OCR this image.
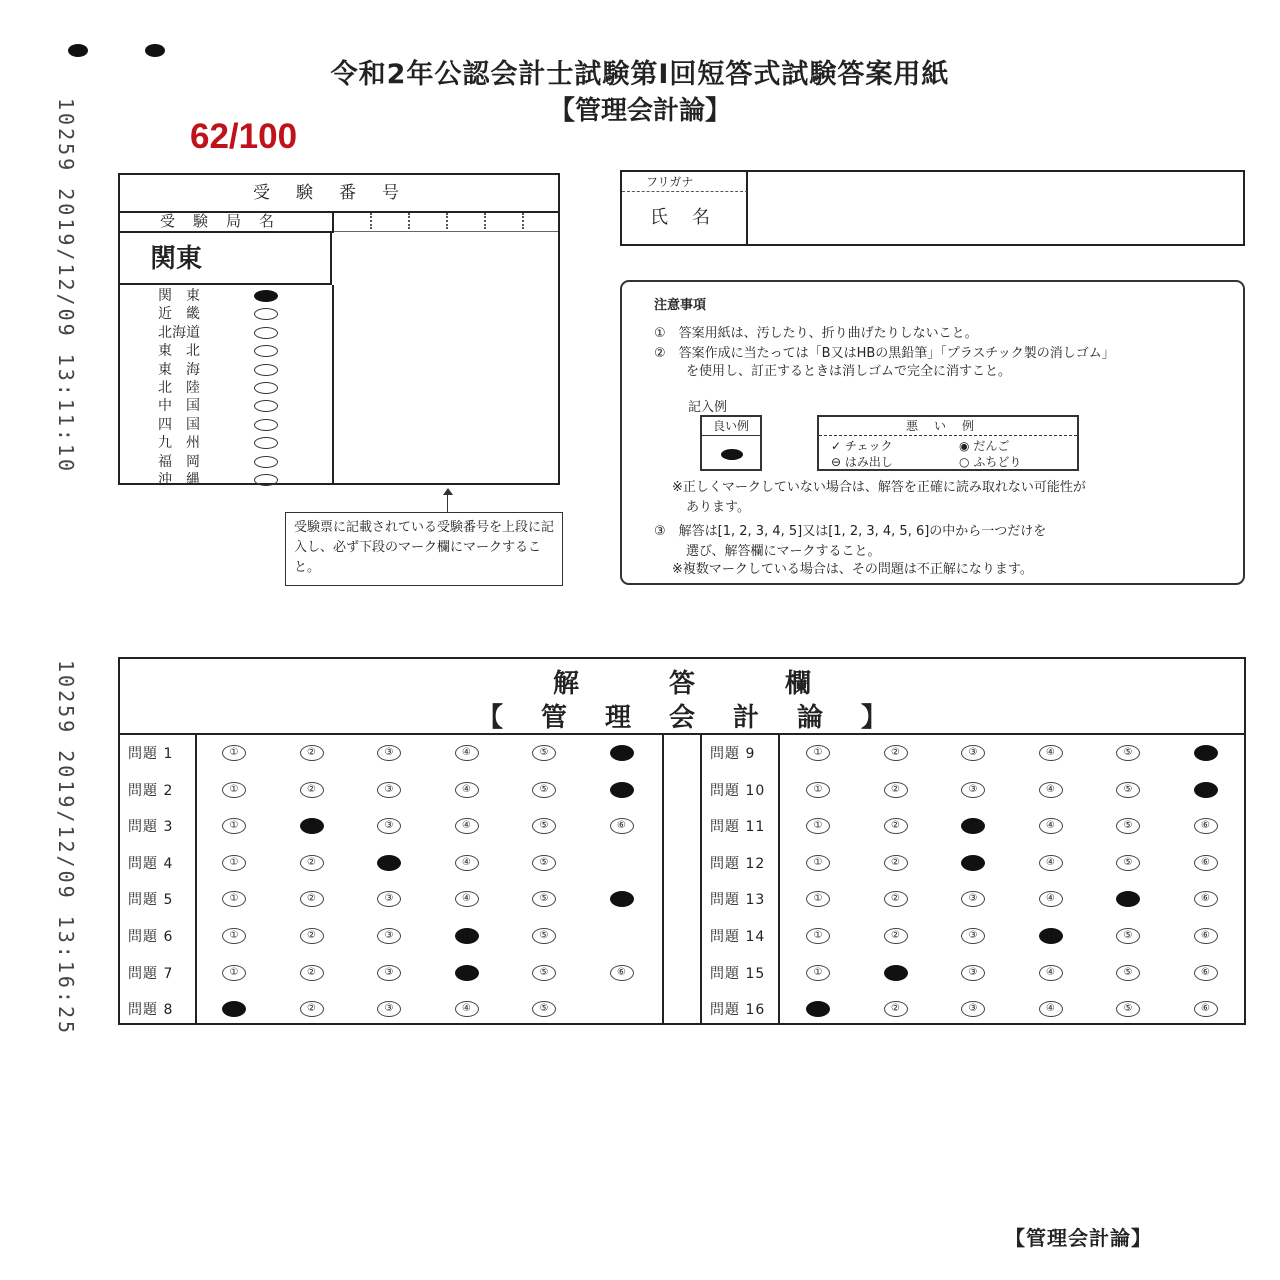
令和2年公認会計士試験第Ⅰ回短答式試験答案用紙
【管理会計論】
62/100
10259 2019/12/09 13:11:10
10259 2019/12/09 13:16:25
受験番号
受験局名
関東
関　東
近　畿
北海道
東　北
東　海
北　陸
中　国
四　国
九　州
福　岡
沖　縄
受験票に記載されている受験番号を上段に記入し、必ず下段のマーク欄にマークすること。
フリガナ
氏名

注意事項

①　答案用紙は、汚したり、折り曲げたりしないこと。

②　答案作成に当たっては「B又はHBの黒鉛筆」「プラスチック製の消しゴム」

を使用し、訂正するときは消しゴムで完全に消すこと。

記入例

良い例	悪い例
✓ チェック	◉ だんご
⊖ はみ出し	○ ふちどり

※正しくマークしていない場合は、解答を正確に読み取れない可能性が

あります。

③　解答は[1, 2, 3, 4, 5]又は[1, 2, 3, 4, 5, 6]の中から一つだけを

選び、解答欄にマークすること。

※複数マークしている場合は、その問題は不正解になります。

解答欄
【管理会計論】
問題 1	①	②	③	④	⑤	⑥
問題 2	①	②	③	④	⑤	⑥
問題 3	①	②	③	④	⑤	⑥
問題 4	①	②	③	④	⑤
問題 5	①	②	③	④	⑤	⑥
問題 6	①	②	③	④	⑤
問題 7	①	②	③	④	⑤	⑥
問題 8	①	②	③	④	⑤
問題 9	①	②	③	④	⑤	⑥
問題 10	①	②	③	④	⑤	⑥
問題 11	①	②	③	④	⑤	⑥
問題 12	①	②	③	④	⑤	⑥
問題 13	①	②	③	④	⑤	⑥
問題 14	①	②	③	④	⑤	⑥
問題 15	①	②	③	④	⑤	⑥
問題 16	①	②	③	④	⑤	⑥
【管理会計論】
